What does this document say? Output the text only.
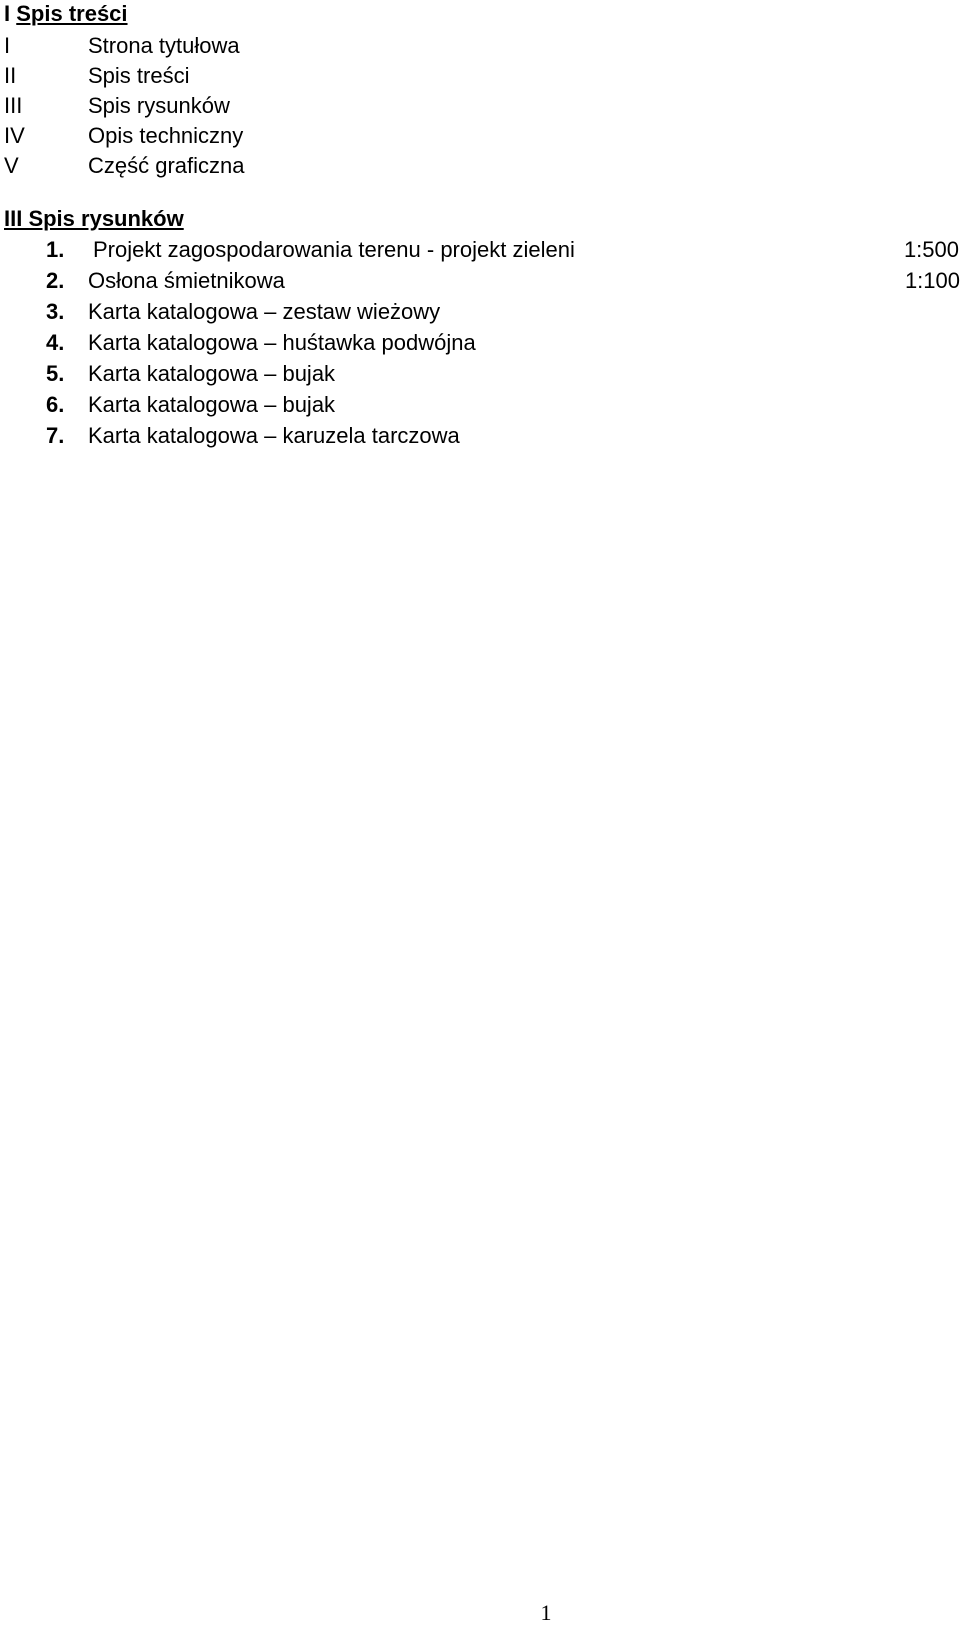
I Spis treści
I	Strona tytułowa
II	Spis treści
III	Spis rysunków
IV	Opis techniczny
V	Część graficzna
III Spis rysunków
1. Projekt zagospodarowania terenu - projekt zieleni	1:500
2. Osłona śmietnikowa	1:100
3. Karta katalogowa – zestaw wieżowy
4. Karta katalogowa – huśtawka podwójna
5. Karta katalogowa – bujak
6. Karta katalogowa – bujak
7. Karta katalogowa – karuzela tarczowa
1
